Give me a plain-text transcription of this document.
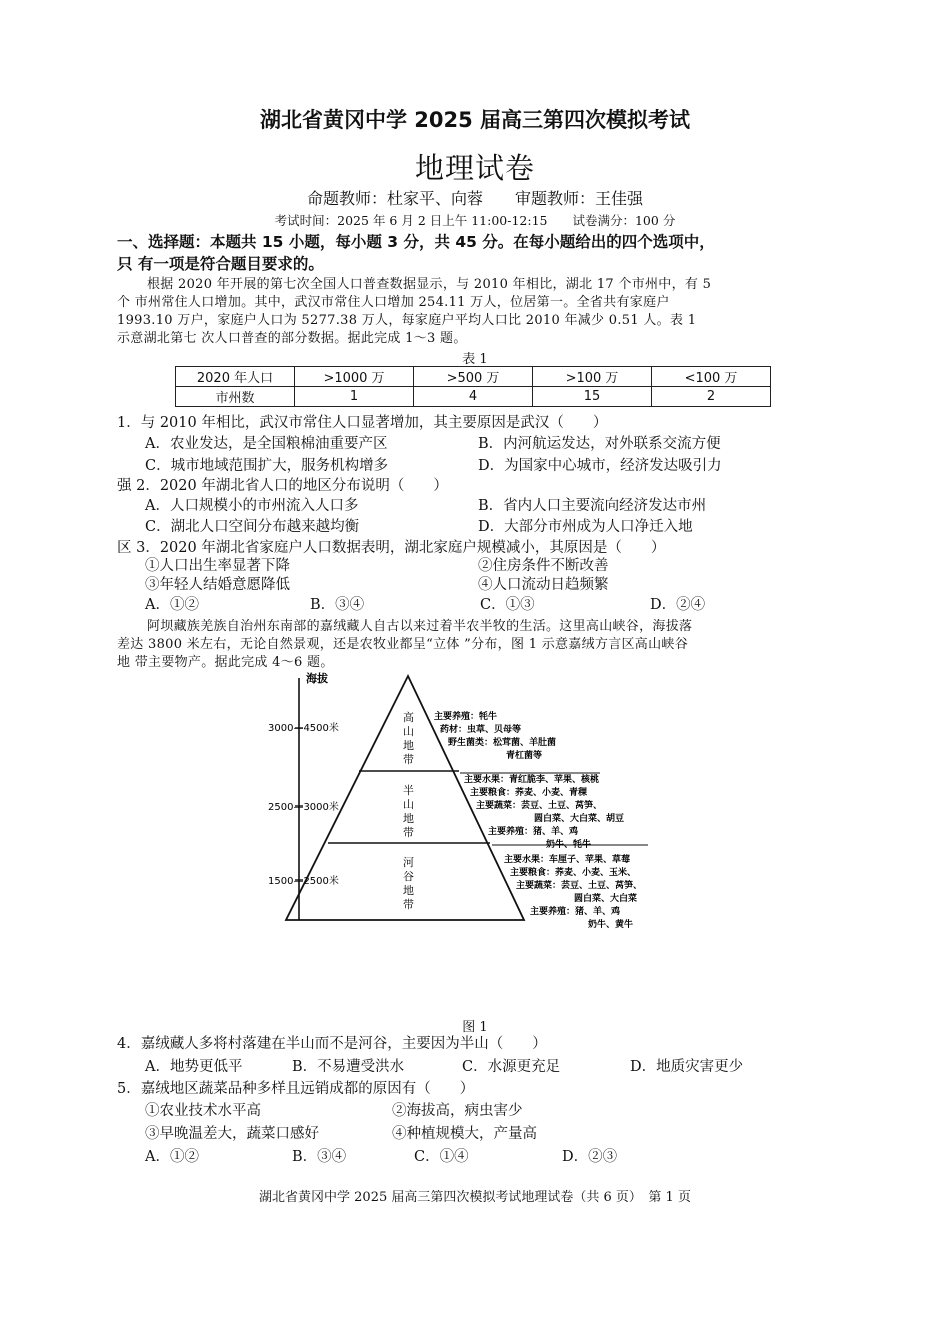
湖北省黄冈中学 2025 届高三第四次模拟考试
地理试卷
命题教师：杜家平、向蓉　　审题教师：王佳强
考试时间：2025 年 6 月 2 日上午 11:00-12:15　　试卷满分：100 分
一、选择题：本题共 15 小题，每小题 3 分，共 45 分。在每小题给出的四个选项中，
只 有一项是符合题目要求的。
根据 2020 年开展的第七次全国人口普查数据显示，与 2010 年相比，湖北 17 个市州中，有 5
个 市州常住人口增加。其中，武汉市常住人口增加 254.11 万人，位居第一。全省共有家庭户
1993.10 万户，家庭户人口为 5277.38 万人，每家庭户平均人口比 2010 年减少 0.51 人。表 1
示意湖北第七 次人口普查的部分数据。据此完成 1～3 题。
表 1
2020 年人口	>1000 万	>500 万	>100 万	<100 万
市州数	1	4	15	2
1．与 2010 年相比，武汉市常住人口显著增加，其主要原因是武汉（　　）
A．农业发达，是全国粮棉油重要产区	B．内河航运发达，对外联系交流方便
C．城市地域范围扩大，服务机构增多	D．为国家中心城市，经济发达吸引力
强 2．2020 年湖北省人口的地区分布说明（　　）
A．人口规模小的市州流入人口多	B．省内人口主要流向经济发达市州
C．湖北人口空间分布越来越均衡	D．大部分市州成为人口净迁入地
区 3．2020 年湖北省家庭户人口数据表明，湖北家庭户规模减小，其原因是（　　）
①人口出生率显著下降	②住房条件不断改善
③年轻人结婚意愿降低	④人口流动日趋频繁
A．①②	B．③④	C．①③	D．②④
阿坝藏族羌族自治州东南部的嘉绒藏人自古以来过着半农半牧的生活。这里高山峡谷，海拔落
差达 3800 米左右，无论自然景观，还是农牧业都呈“立体 ”分布，图 1 示意嘉绒方言区高山峡谷
地 带主要物产。据此完成 4～6 题。
海拔
3000—4500米
2500—3000米
1500—2500米
高
山
地
带
半
山
地
带
河
谷
地
带
主要养殖：牦牛
药材：虫草、贝母等
野生菌类：松茸菌、羊肚菌
青杠菌等
主要水果：青红脆李、苹果、核桃
主要粮食：荞麦、小麦、青稞
主要蔬菜：芸豆、土豆、莴笋、
圆白菜、大白菜、胡豆
主要养殖：猪、羊、鸡
奶牛、牦牛
主要水果：车厘子、苹果、草莓
主要粮食：荞麦、小麦、玉米、
主要蔬菜：芸豆、土豆、莴笋、
圆白菜、大白菜
主要养殖：猪、羊、鸡
奶牛、黄牛
图 1
4．嘉绒藏人多将村落建在半山而不是河谷，主要因为半山（　　）
A．地势更低平	B．不易遭受洪水	C．水源更充足	D．地质灾害更少
5．嘉绒地区蔬菜品种多样且远销成都的原因有（　　）
①农业技术水平高	②海拔高，病虫害少
③早晚温差大，蔬菜口感好	④种植规模大，产量高
A．①②	B．③④	C．①④	D．②③
湖北省黄冈中学 2025 届高三第四次模拟考试地理试卷（共 6 页）　第 1 页
